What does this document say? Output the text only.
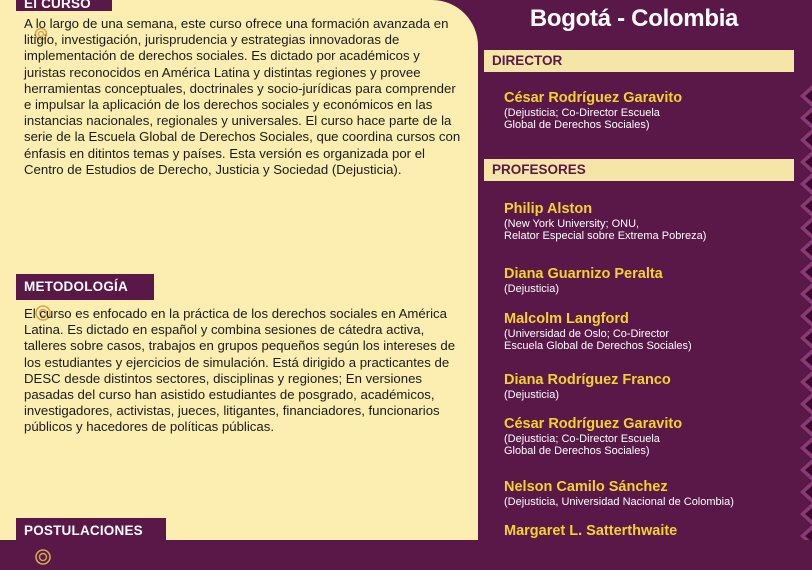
El CURSO

A lo largo de una semana, este curso ofrece una formación avanzada en litigio, investigación, jurisprudencia y estrategias innovadoras de implementación de derechos sociales. Es dictado por académicos y juristas reconocidos en América Latina y distintas regiones y provee herramientas conceptuales, doctrinales y socio-jurídicas para comprender e impulsar la aplicación de los derechos sociales y económicos en las instancias nacionales, regionales y universales. El curso hace parte de la serie de la Escuela Global de Derechos Sociales, que coordina cursos con énfasis en ditintos temas y países. Esta versión es organizada por el Centro de Estudios de Derecho, Justicia y Sociedad (Dejusticia).

METODOLOGÍA

El curso es enfocado en la práctica de los derechos sociales en América Latina. Es dictado en español y combina sesiones de cátedra activa, talleres sobre casos, trabajos en grupos pequeños según los intereses de los estudiantes y ejercicios de simulación. Está dirigido a practicantes de DESC desde distintos sectores, disciplinas y regiones; En versiones pasadas del curso han asistido estudiantes de posgrado, académicos, investigadores, activistas, jueces, litigantes, financiadores, funcionarios públicos y hacedores de políticas públicas.

POSTULACIONES
Bogotá - Colombia
DIRECTOR
César Rodríguez Garavito
(Dejusticia; Co-Director Escuela
Global de Derechos Sociales)
PROFESORES
Philip Alston
(New York University; ONU,
Relator Especial sobre Extrema Pobreza)
Diana Guarnizo Peralta
(Dejusticia)
Malcolm Langford
(Universidad de Oslo; Co-Director
Escuela Global de Derechos Sociales)
Diana Rodríguez Franco
(Dejusticia)
César Rodríguez Garavito
(Dejusticia; Co-Director Escuela
Global de Derechos Sociales)
Nelson Camilo Sánchez
(Dejusticia, Universidad Nacional de Colombia)
Margaret L. Satterthwaite
